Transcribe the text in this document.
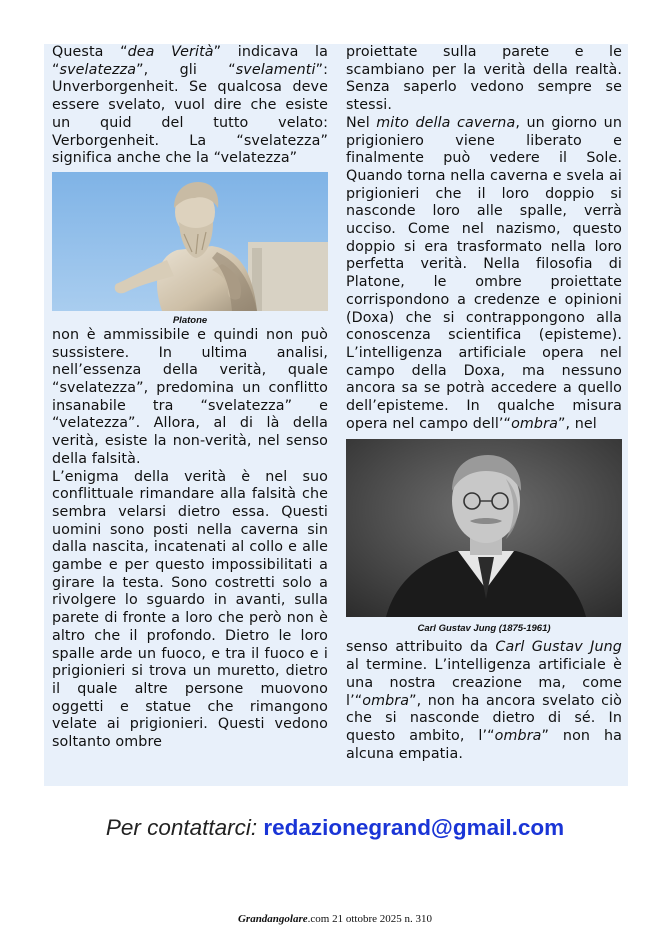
Questa “dea Verità” indicava la “svelatezza”, gli “svelamenti”: Unverborgenheit. Se qualcosa deve essere svelato, vuol dire che esiste un quid del tutto velato: Verborgenheit. La “svelatezza” significa anche che la “velatezza”

Platone

non è ammissibile e quindi non può sussistere. In ultima analisi, nell’essenza della verità, quale “svelatezza”, predomina un conflitto insanabile tra “svelatezza” e “velatezza”. Allora, al di là della verità, esiste la non-verità, nel senso della falsità.

L’enigma della verità è nel suo conflittuale rimandare alla falsità che sembra velarsi dietro essa. Questi uomini sono posti nella caverna sin dalla nascita, incatenati al collo e alle gambe e per questo impossibilitati a girare la testa. Sono costretti solo a rivolgere lo sguardo in avanti, sulla parete di fronte a loro che però non è altro che il profondo. Dietro le loro spalle arde un fuoco, e tra il fuoco e i prigionieri si trova un muretto, dietro il quale altre persone muovono oggetti e statue che rimangono velate ai prigionieri. Questi vedono soltanto ombre

proiettate sulla parete e le scambiano per la verità della realtà. Senza saperlo vedono sempre se stessi.

Nel mito della caverna, un giorno un prigioniero viene liberato e finalmente può vedere il Sole. Quando torna nella caverna e svela ai prigionieri che il loro doppio si nasconde loro alle spalle, verrà ucciso. Come nel nazismo, questo doppio si era trasformato nella loro perfetta verità. Nella filosofia di Platone, le ombre proiettate corrispondono a credenze e opinioni (Doxa) che si contrappongono alla conoscenza scientifica (episteme). L’intelligenza artificiale opera nel campo della Doxa, ma nessuno ancora sa se potrà accedere a quello dell’episteme. In qualche misura opera nel campo dell’“ombra”, nel

Carl Gustav Jung (1875-1961)

senso attribuito da Carl Gustav Jung al termine. L’intelligenza artificiale è una nostra creazione ma, come l’“ombra”, non ha ancora svelato ciò che si nasconde dietro di sé. In questo ambito, l’“ombra” non ha alcuna empatia.

Per contattarci: redazionegrand@gmail.com
Grandangolare.com 21 ottobre 2025 n. 310
